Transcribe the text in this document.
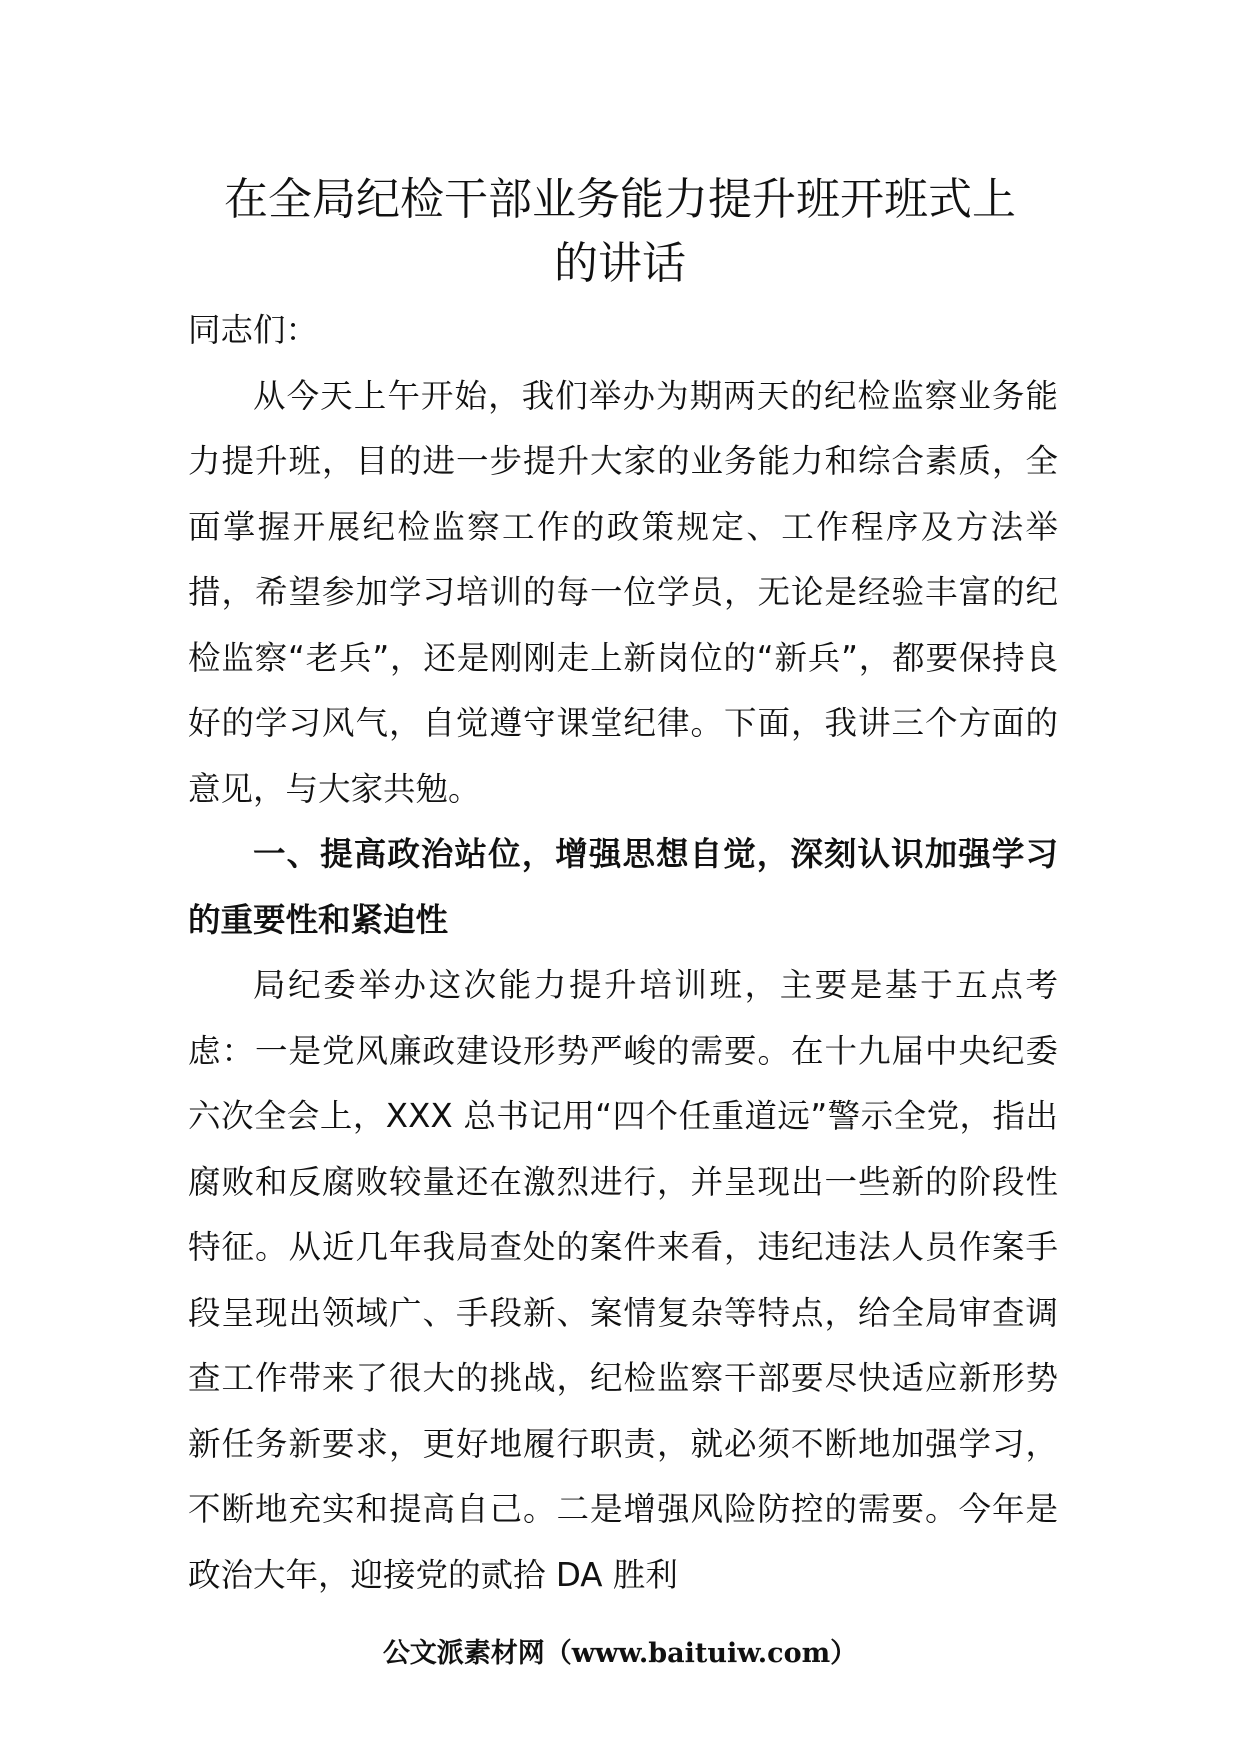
在全局纪检干部业务能力提升班开班式上
的讲话

同志们：

从今天上午开始，我们举办为期两天的纪检监察业务能力提升班，目的进一步提升大家的业务能力和综合素质，全面掌握开展纪检监察工作的政策规定、工作程序及方法举措，希望参加学习培训的每一位学员，无论是经验丰富的纪检监察“老兵”，还是刚刚走上新岗位的“新兵”，都要保持良好的学习风气，自觉遵守课堂纪律。下面，我讲三个方面的意见，与大家共勉。

一、提高政治站位，增强思想自觉，深刻认识加强学习的重要性和紧迫性

局纪委举办这次能力提升培训班，主要是基于五点考虑：一是党风廉政建设形势严峻的需要。在十九届中央纪委六次全会上，XXX 总书记用“四个任重道远”警示全党，指出腐败和反腐败较量还在激烈进行，并呈现出一些新的阶段性特征。从近几年我局查处的案件来看，违纪违法人员作案手段呈现出领域广、手段新、案情复杂等特点，给全局审查调查工作带来了很大的挑战，纪检监察干部要尽快适应新形势新任务新要求，更好地履行职责，就必须不断地加强学习，不断地充实和提高自己。二是增强风险防控的需要。今年是政治大年，迎接党的贰拾 DA 胜利

公文派素材网（www.baituiw.com）
